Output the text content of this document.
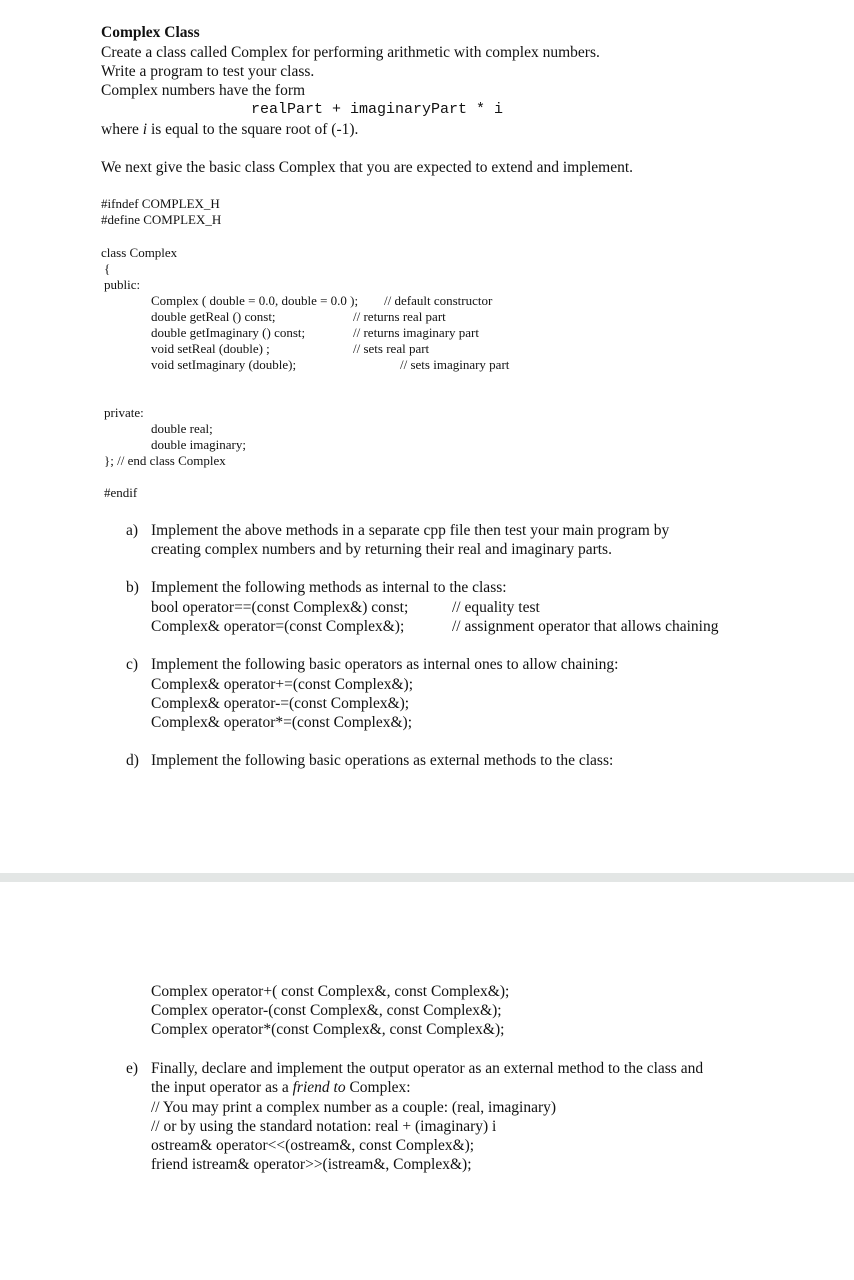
Complex Class
Create a class called Complex for performing arithmetic with complex numbers.
Write a program to test your class.
Complex numbers have the form
realPart + imaginaryPart * i
where i is equal to the square root of (-1).
We next give the basic class Complex that you are expected to extend and implement.
#ifndef COMPLEX_H
#define COMPLEX_H
class Complex
{
public:
Complex ( double = 0.0, double = 0.0 ); // default constructor
double getReal () const;	// returns real part
double getImaginary () const;	// returns imaginary part
void setReal (double) ;	// sets real part
void setImaginary (double);	// sets imaginary part
private:
double real;
double imaginary;
}; // end class Complex
#endif
a) Implement the above methods in a separate cpp file then test your main program by
creating complex numbers and by returning their real and imaginary parts.
b) Implement the following methods as internal to the class:
bool operator==(const Complex&) const;	// equality test
Complex& operator=(const Complex&);	// assignment operator that allows chaining
c) Implement the following basic operators as internal ones to allow chaining:
Complex& operator+=(const Complex&);
Complex& operator-=(const Complex&);
Complex& operator*=(const Complex&);
d) Implement the following basic operations as external methods to the class:
Complex operator+( const Complex&, const Complex&);
Complex operator-(const Complex&, const Complex&);
Complex operator*(const Complex&, const Complex&);
e) Finally, declare and implement the output operator as an external method to the class and
the input operator as a friend to Complex:
// You may print a complex number as a couple: (real, imaginary)
// or by using the standard notation: real + (imaginary) i
ostream& operator<<(ostream&, const Complex&);
friend istream& operator>>(istream&, Complex&);
